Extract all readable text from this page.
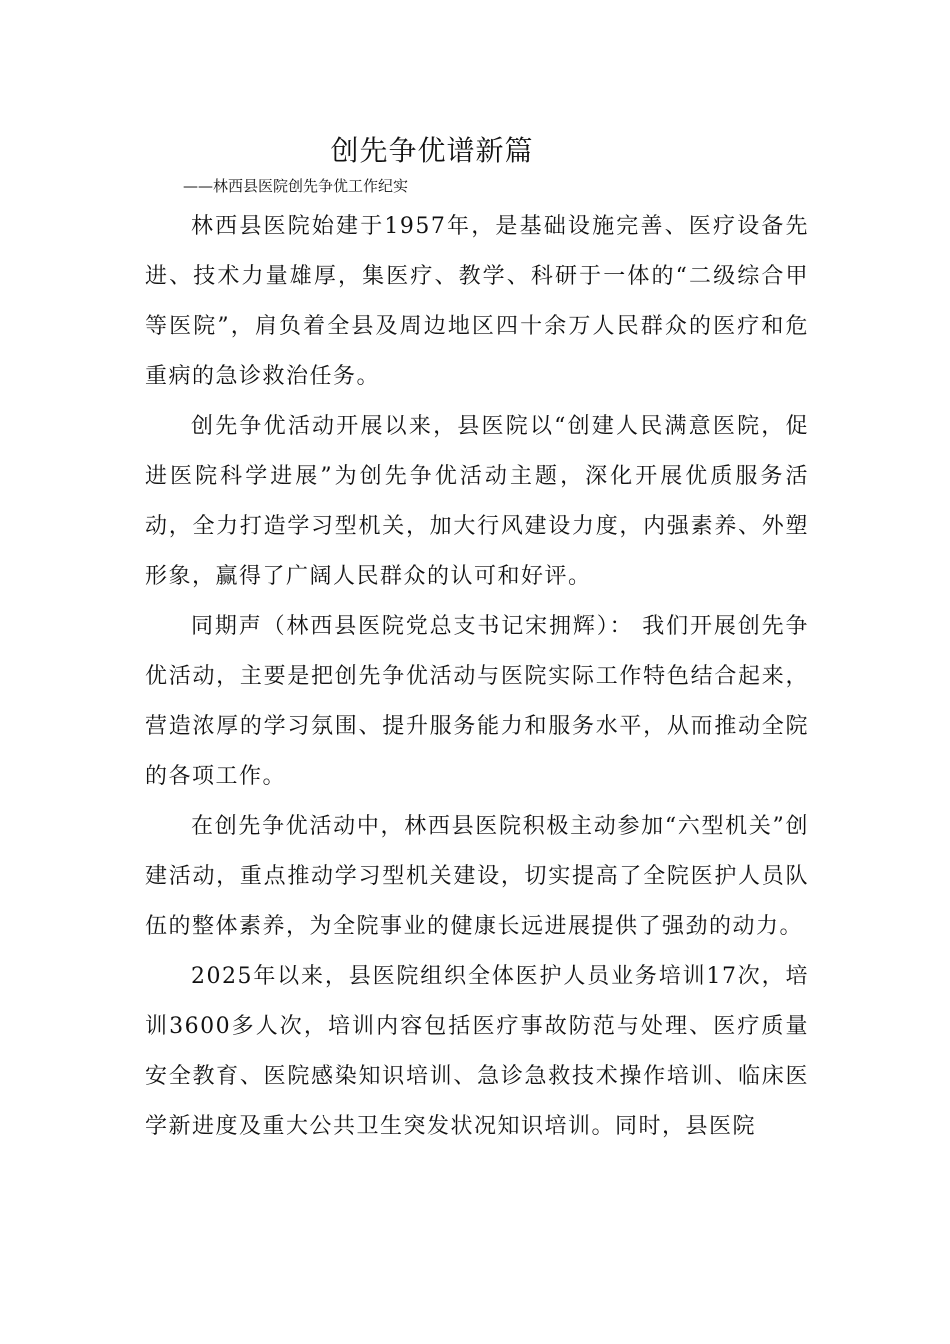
创先争优谱新篇
——林西县医院创先争优工作纪实

林西县医院始建于1957年，是基础设施完善、医疗设备先进、技术力量雄厚，集医疗、教学、科研于一体的“二级综合甲等医院”，肩负着全县及周边地区四十余万人民群众的医疗和危重病的急诊救治任务。

创先争优活动开展以来，县医院以“创建人民满意医院，促进医院科学进展”为创先争优活动主题，深化开展优质服务活动，全力打造学习型机关，加大行风建设力度，内强素养、外塑形象，赢得了广阔人民群众的认可和好评。

同期声（林西县医院党总支书记宋拥辉）： 我们开展创先争优活动，主要是把创先争优活动与医院实际工作特色结合起来，营造浓厚的学习氛围、提升服务能力和服务水平，从而推动全院的各项工作。

在创先争优活动中，林西县医院积极主动参加“六型机关”创建活动，重点推动学习型机关建设，切实提高了全院医护人员队伍的整体素养，为全院事业的健康长远进展提供了强劲的动力。

2025年以来，县医院组织全体医护人员业务培训17次，培训3600多人次，培训内容包括医疗事故防范与处理、医疗质量安全教育、医院感染知识培训、急诊急救技术操作培训、临床医学新进度及重大公共卫生突发状况知识培训。同时，县医院
